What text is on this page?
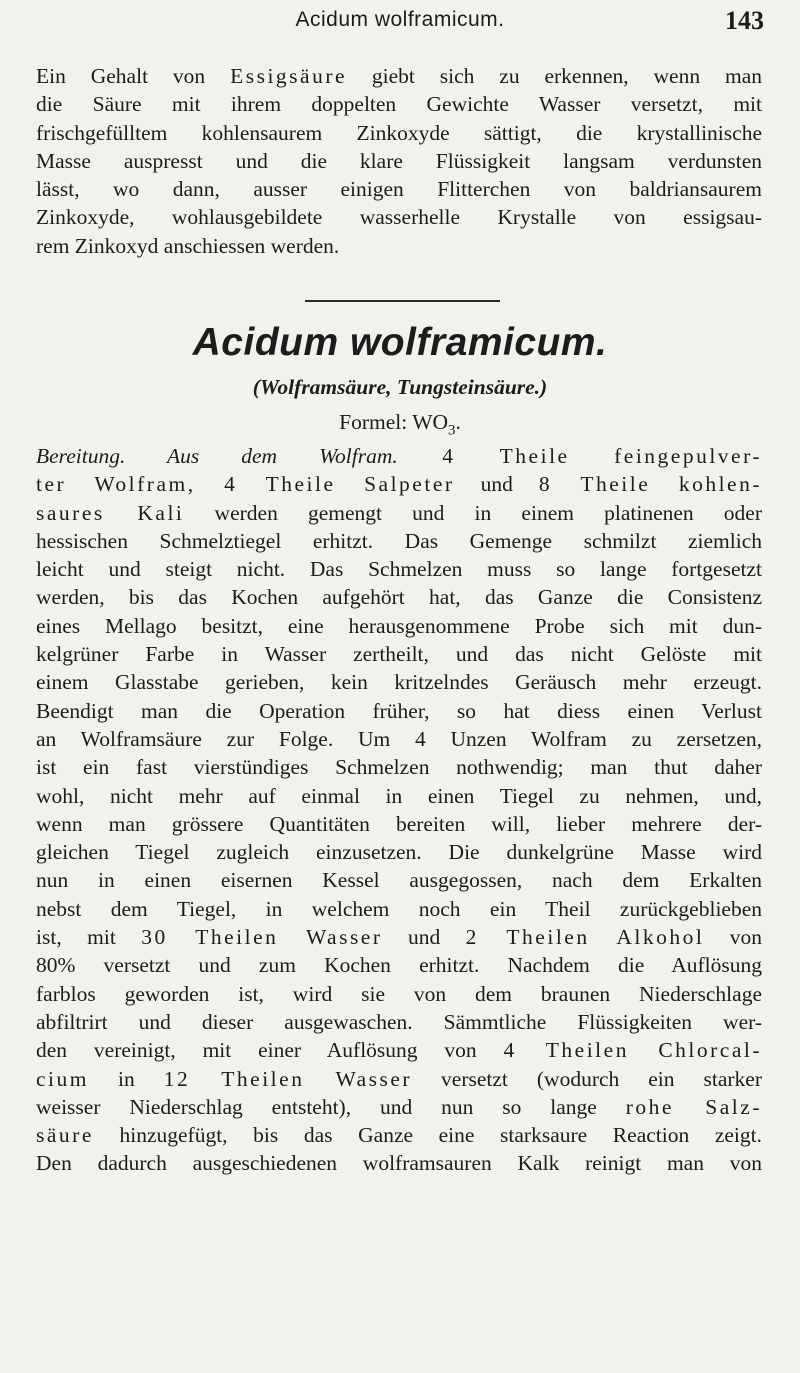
Acidum wolframicum.	143
Ein Gehalt von Essigsäure giebt sich zu erkennen, wenn man
die Säure mit ihrem doppelten Gewichte Wasser versetzt, mit
frischgefülltem kohlensaurem Zinkoxyde sättigt, die krystallinische
Masse auspresst und die klare Flüssigkeit langsam verdunsten
lässt, wo dann, ausser einigen Flitterchen von baldriansaurem
Zinkoxyde, wohlausgebildete wasserhelle Krystalle von essigsau-
rem Zinkoxyd anschiessen werden.
Acidum wolframicum.
(Wolframsäure, Tungsteinsäure.)
Formel: $WO_3$.
Bereitung. Aus dem Wolfram. 4 Theile feingepulver-
ter Wolfram, 4 Theile Salpeter und 8 Theile kohlen-
saures Kali werden gemengt und in einem platinenen oder
hessischen Schmelztiegel erhitzt. Das Gemenge schmilzt ziemlich
leicht und steigt nicht. Das Schmelzen muss so lange fortgesetzt
werden, bis das Kochen aufgehört hat, das Ganze die Consistenz
eines Mellago besitzt, eine herausgenommene Probe sich mit dun-
kelgrüner Farbe in Wasser zertheilt, und das nicht Gelöste mit
einem Glasstabe gerieben, kein kritzelndes Geräusch mehr erzeugt.
Beendigt man die Operation früher, so hat diess einen Verlust
an Wolframsäure zur Folge. Um 4 Unzen Wolfram zu zersetzen,
ist ein fast vierstündiges Schmelzen nothwendig; man thut daher
wohl, nicht mehr auf einmal in einen Tiegel zu nehmen, und,
wenn man grössere Quantitäten bereiten will, lieber mehrere der-
gleichen Tiegel zugleich einzusetzen. Die dunkelgrüne Masse wird
nun in einen eisernen Kessel ausgegossen, nach dem Erkalten
nebst dem Tiegel, in welchem noch ein Theil zurückgeblieben
ist, mit 30 Theilen Wasser und 2 Theilen Alkohol von
80% versetzt und zum Kochen erhitzt. Nachdem die Auflösung
farblos geworden ist, wird sie von dem braunen Niederschlage
abfiltrirt und dieser ausgewaschen. Sämmtliche Flüssigkeiten wer-
den vereinigt, mit einer Auflösung von 4 Theilen Chlorcal-
cium in 12 Theilen Wasser versetzt (wodurch ein starker
weisser Niederschlag entsteht), und nun so lange rohe Salz-
säure hinzugefügt, bis das Ganze eine starksaure Reaction zeigt.
Den dadurch ausgeschiedenen wolframsauren Kalk reinigt man von
